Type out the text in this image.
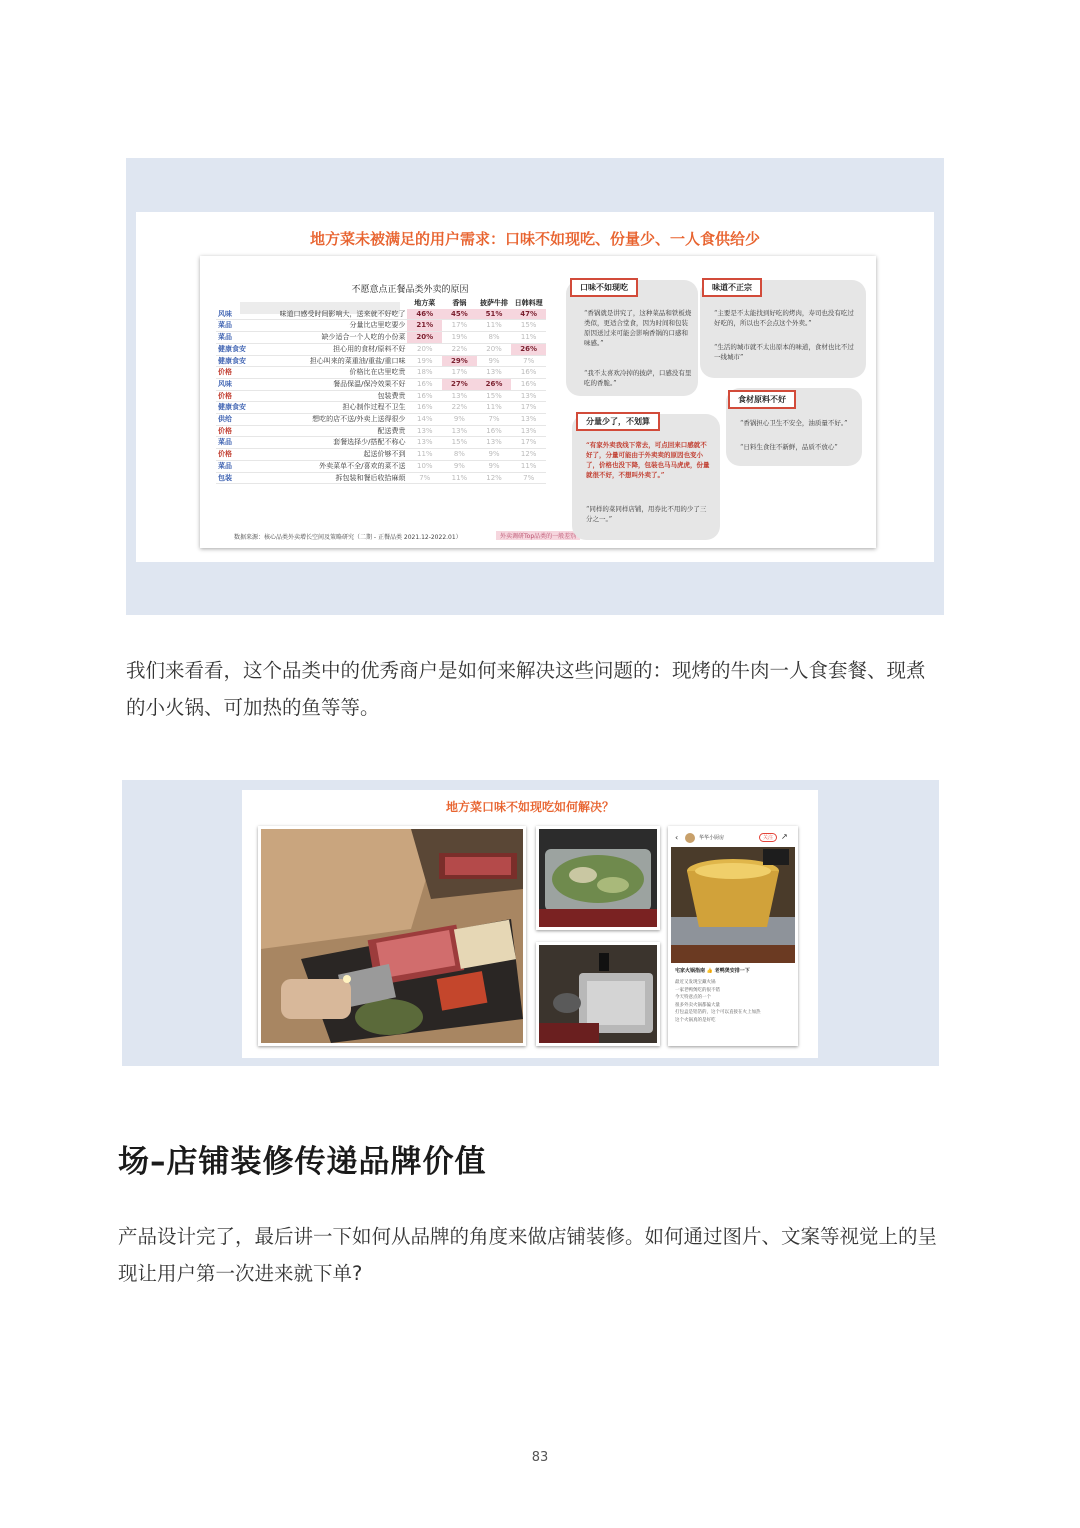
地方菜未被满足的用户需求：口味不如现吃、份量少、一人食供给少
不愿意点正餐品类外卖的原因
		地方菜	香锅	披萨牛排	日韩料理
风味	味道口感受时间影响大，送来就不好吃了	46%	45%	51%	47%
菜品	分量比店里吃要少	21%	17%	11%	15%
菜品	缺少适合一个人吃的小份菜	20%	19%	8%	11%
健康食安	担心用的食材/原料不好	20%	22%	20%	26%
健康食安	担心叫来的菜重油/重盐/重口味	19%	29%	9%	7%
价格	价格比在店里吃贵	18%	17%	13%	16%
风味	餐品保温/保冷效果不好	16%	27%	26%	16%
价格	包装费贵	16%	13%	15%	13%
健康食安	担心制作过程不卫生	16%	22%	11%	17%
供给	想吃的店不送/外卖上送得很少	14%	9%	7%	13%
价格	配送费贵	13%	13%	16%	13%
菜品	套餐选择少/搭配不称心	13%	15%	13%	17%
价格	起送价够不到	11%	8%	9%	12%
菜品	外卖菜单不全/喜欢的菜不送	10%	9%	9%	11%
包装	拆包装和餐后收拾麻烦	7%	11%	12%	7%
数据来源：核心品类外卖增长空间及策略研究（二期 - 正餐品类 2021.12-2022.01）	外卖调研Top品类的一般差别
口味不如现吃
“香锅就是讲究了，这种菜品和铁板烧类似，更适合堂食，因为时间和包装原因送过来可能会影响香锅的口感和味感。”
“我不太喜欢冷掉的披萨，口感没有里吃的香脆。”
味道不正宗
“主要是不太能找到好吃的烤肉，寿司也没有吃过好吃的，所以也不会点这个外卖。”
“生活的城市就不太出原本的味道，食材也比不过一线城市”
分量少了，不划算
“有家外卖我线下常去，可点回来口感就不好了，分量可能由于外卖卖的原因也变小了，价格也没下降，包装也马马虎虎，份量就很不好，不想叫外卖了。”
“同样的菜同样店铺，用券比不用的少了三分之一。”
食材原料不好
“香锅担心卫生不安全，油质量不好。”
“日料生食往不新鲜，品质不放心”
我们来看看，这个品类中的优秀商户是如何来解决这些问题的：现烤的牛肉一人食套餐、现煮的小火锅、可加热的鱼等等。
地方菜口味不如现吃如何解决？
‹	华华小厨房	关注 ↗
宅家火锅指南 👍 老鸭煲安排一下
最近又发现宝藏火锅
一家老鸭煲吃的很不错
今天特意点的一个
很多外卖火锅都偏大量
打包盒是铝箔的，这个可以直接在火上加热
这个火锅真的是好吃
场–店铺装修传递品牌价值
产品设计完了，最后讲一下如何从品牌的角度来做店铺装修。如何通过图片、文案等视觉上的呈现让用户第一次进来就下单?
83
